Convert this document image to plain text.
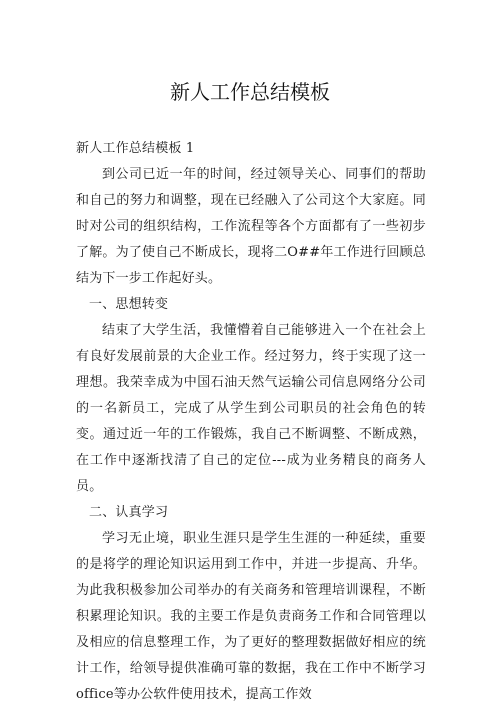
新人工作总结模板

新人工作总结模板 1

到公司已近一年的时间，经过领导关心、同事们的帮助和自己的努力和调整，现在已经融入了公司这个大家庭。同时对公司的组织结构，工作流程等各个方面都有了一些初步了解。为了使自己不断成长，现将二O##年工作进行回顾总结为下一步工作起好头。

一、思想转变

结束了大学生活，我懂懵着自己能够进入一个在社会上有良好发展前景的大企业工作。经过努力，终于实现了这一理想。我荣幸成为中国石油天然气运输公司信息网络分公司的一名新员工，完成了从学生到公司职员的社会角色的转变。通过近一年的工作锻炼，我自己不断调整、不断成熟，在工作中逐渐找清了自己的定位---成为业务精良的商务人员。

二、认真学习

学习无止境，职业生涯只是学生生涯的一种延续，重要的是将学的理论知识运用到工作中，并进一步提高、升华。为此我积极参加公司举办的有关商务和管理培训课程，不断积累理论知识。我的主要工作是负责商务工作和合同管理以及相应的信息整理工作，为了更好的整理数据做好相应的统计工作，给领导提供准确可靠的数据，我在工作中不断学习office等办公软件使用技术，提高工作效
